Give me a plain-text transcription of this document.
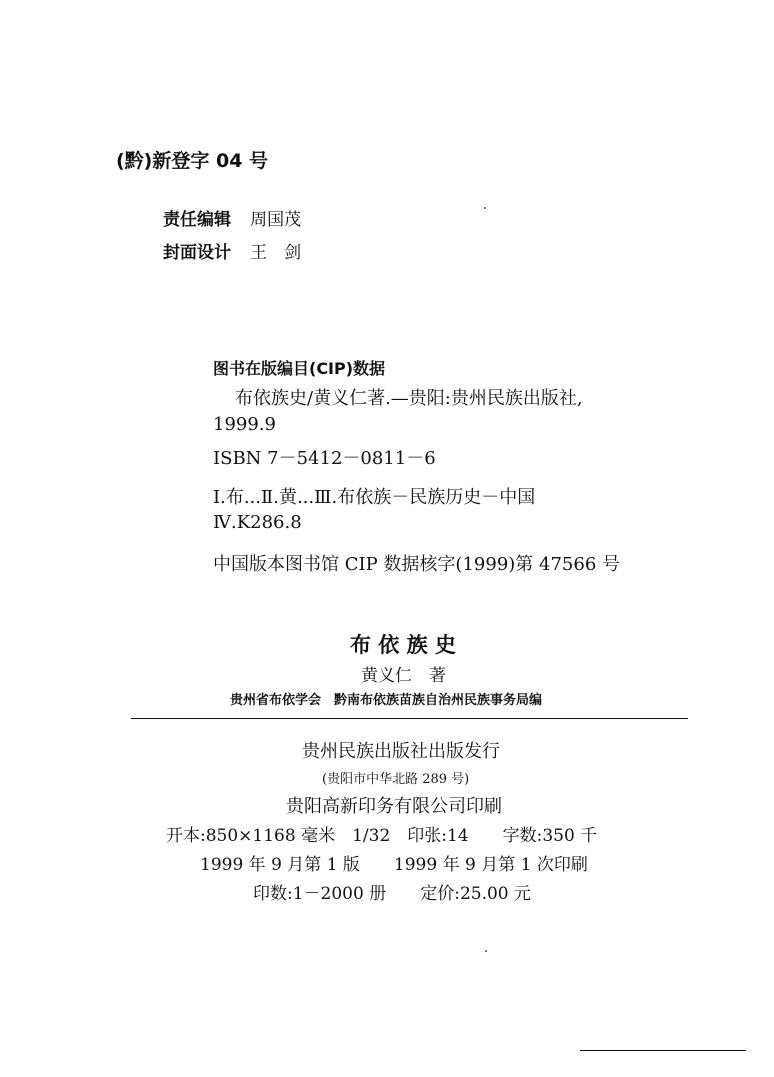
(黔)新登字 04 号
责任编辑 周国茂
封面设计 王　剑
图书在版编目(CIP)数据
布依族史/黄义仁著.—贵阳:贵州民族出版社,
1999.9
ISBN 7－5412－0811－6
Ⅰ.布...Ⅱ.黄...Ⅲ.布依族－民族历史－中国
Ⅳ.K286.8
中国版本图书馆 CIP 数据核字(1999)第 47566 号
布 依 族 史
黄义仁　著
贵州省布依学会　黔南布依族苗族自治州民族事务局编
贵州民族出版社出版发行
(贵阳市中华北路 289 号)
贵阳高新印务有限公司印刷
开本:850×1168 毫米　1/32　印张:14　　字数:350 千
1999 年 9 月第 1 版　　1999 年 9 月第 1 次印刷
印数:1－2000 册　　定价:25.00 元
